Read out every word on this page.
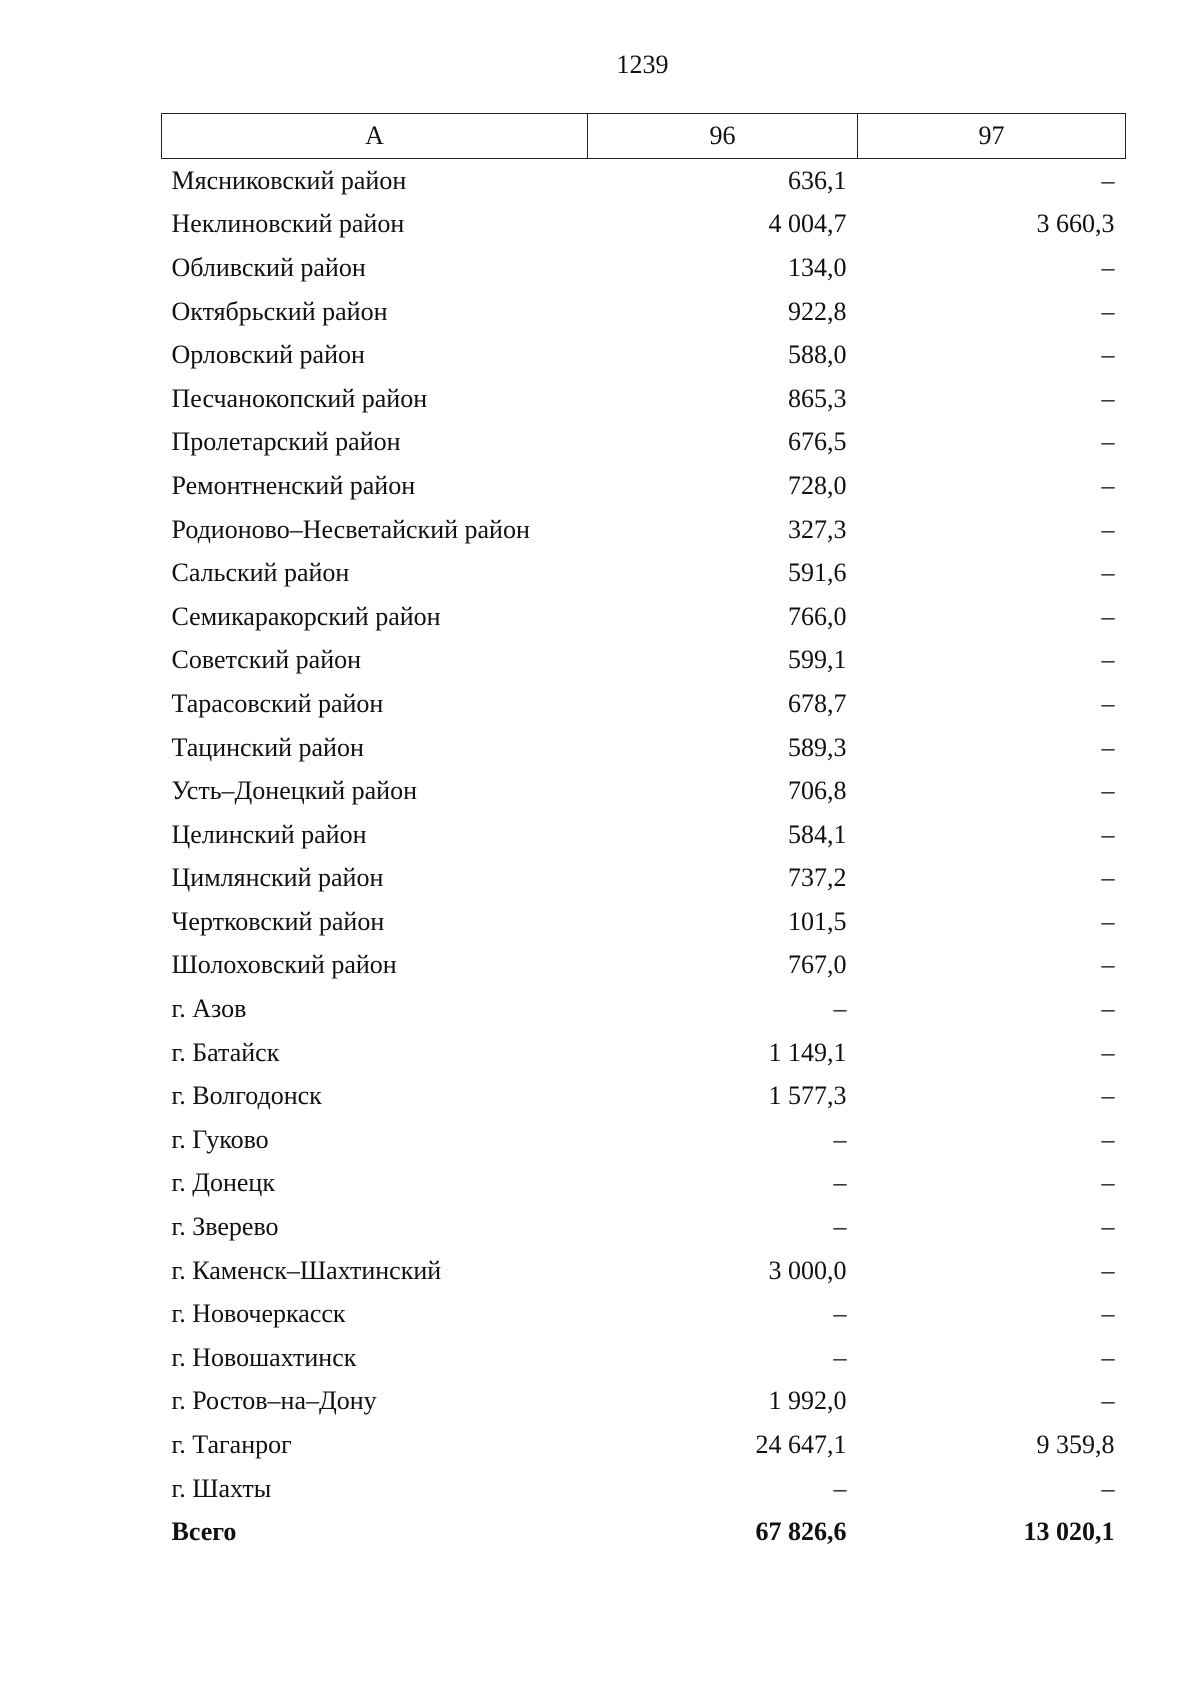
1239
А	96	97
Мясниковский район	636,1	–
Неклиновский район	4 004,7	3 660,3
Обливский район	134,0	–
Октябрьский район	922,8	–
Орловский район	588,0	–
Песчанокопский район	865,3	–
Пролетарский район	676,5	–
Ремонтненский район	728,0	–
Родионово–Несветайский район	327,3	–
Сальский район	591,6	–
Семикаракорский район	766,0	–
Советский район	599,1	–
Тарасовский район	678,7	–
Тацинский район	589,3	–
Усть–Донецкий район	706,8	–
Целинский район	584,1	–
Цимлянский район	737,2	–
Чертковский район	101,5	–
Шолоховский район	767,0	–
г. Азов	–	–
г. Батайск	1 149,1	–
г. Волгодонск	1 577,3	–
г. Гуково	–	–
г. Донецк	–	–
г. Зверево	–	–
г. Каменск–Шахтинский	3 000,0	–
г. Новочеркасск	–	–
г. Новошахтинск	–	–
г. Ростов–на–Дону	1 992,0	–
г. Таганрог	24 647,1	9 359,8
г. Шахты	–	–
Всего	67 826,6	13 020,1
